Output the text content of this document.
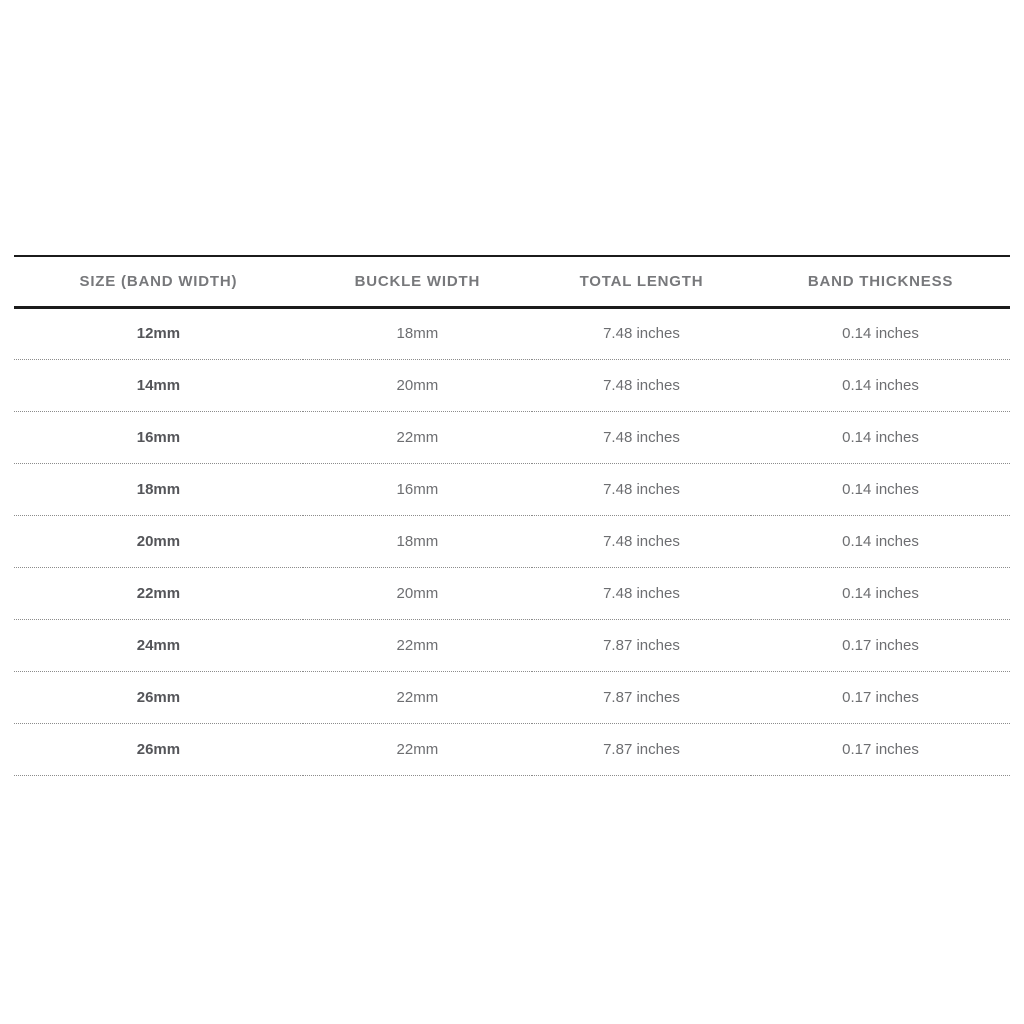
SIZE (BAND WIDTH)	BUCKLE WIDTH	TOTAL LENGTH	BAND THICKNESS
12mm	18mm	7.48 inches	0.14 inches
14mm	20mm	7.48 inches	0.14 inches
16mm	22mm	7.48 inches	0.14 inches
18mm	16mm	7.48 inches	0.14 inches
20mm	18mm	7.48 inches	0.14 inches
22mm	20mm	7.48 inches	0.14 inches
24mm	22mm	7.87 inches	0.17 inches
26mm	22mm	7.87 inches	0.17 inches
26mm	22mm	7.87 inches	0.17 inches
